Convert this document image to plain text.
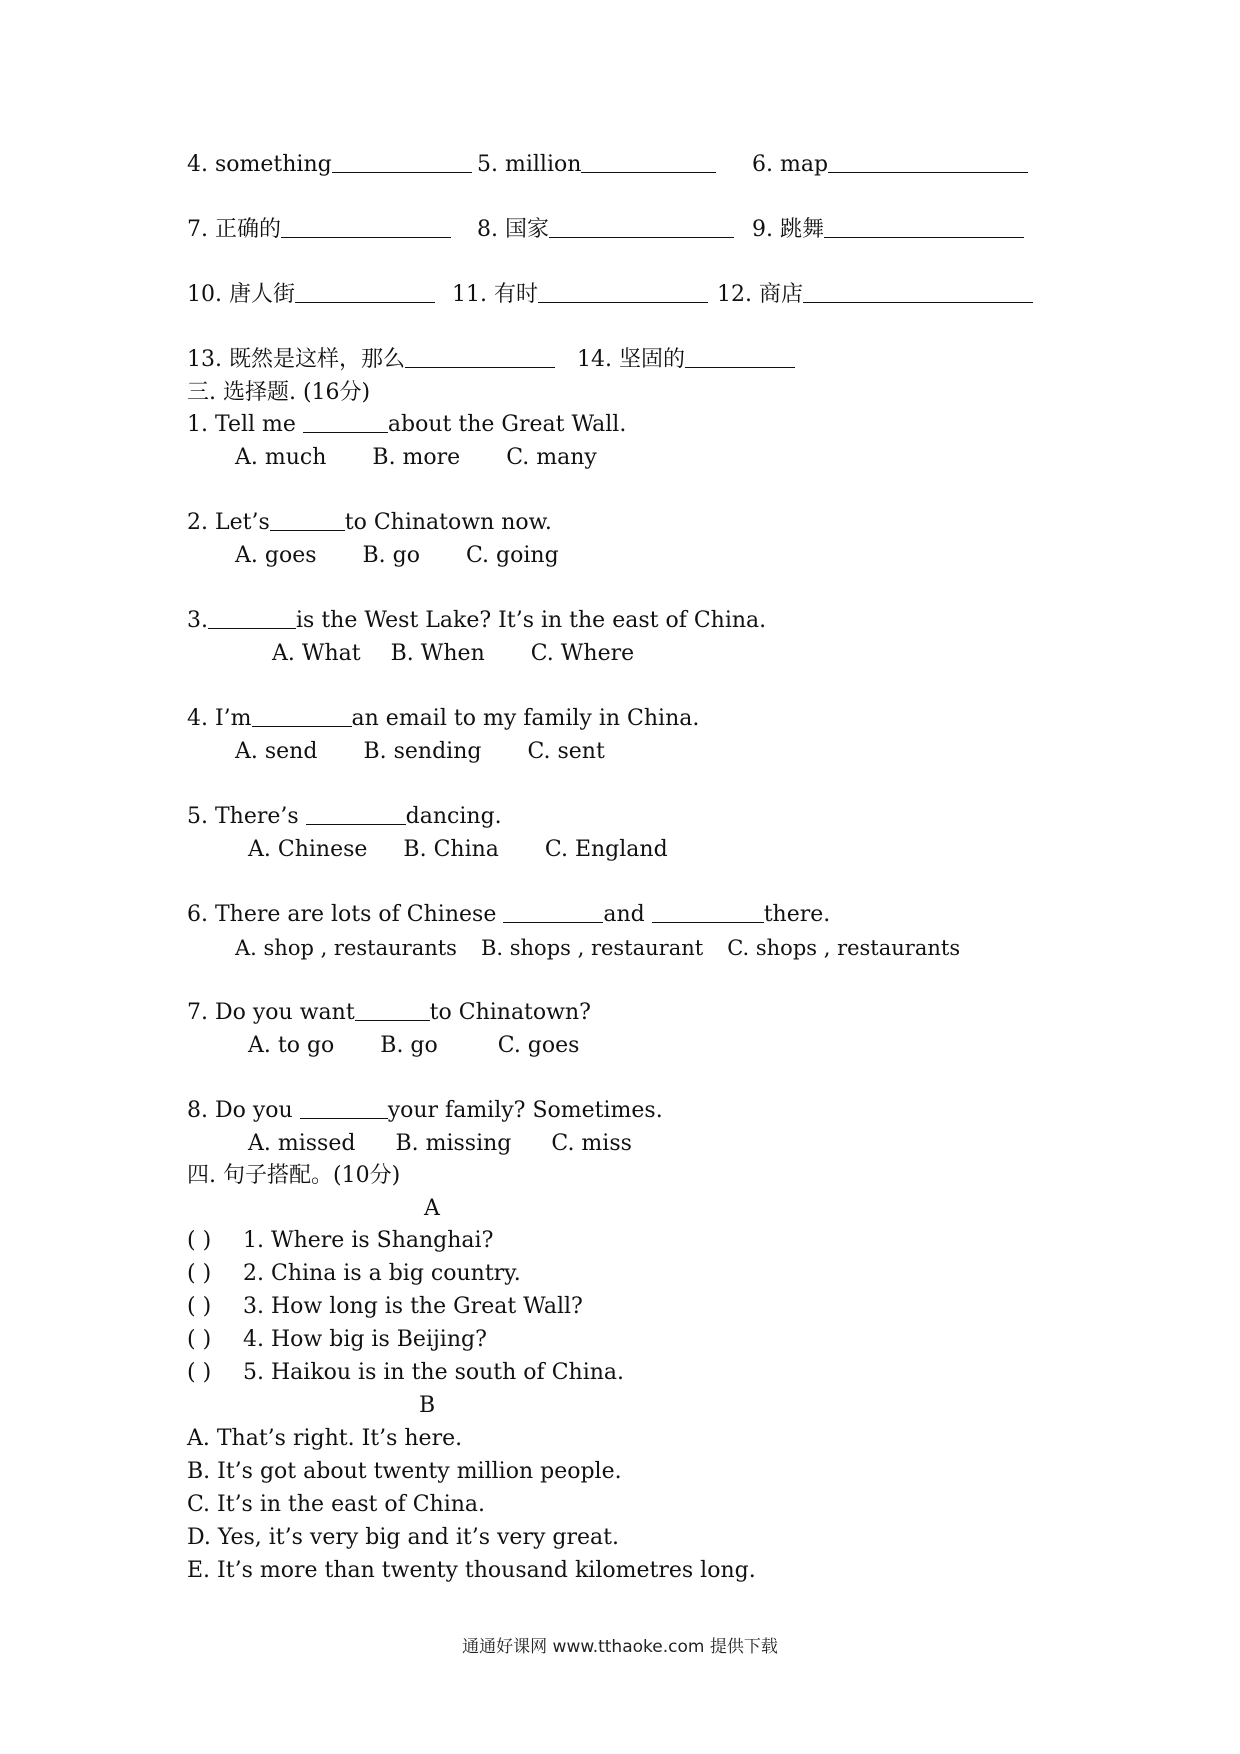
4. something	5. million	6. map
7. 正确的	8. 国家	9. 跳舞
10. 唐人街	11. 有时	12. 商店
13. 既然是这样，那么	14. 坚固的
三. 选择题. (16分)
1. Tell me	about the Great Wall.
A. much B. more C. many
2. Let’s	to Chinatown now.
A. goes B. go C. going
3.	is the West Lake? It’s in the east of China.
A. What B. When C. Where
4. I’m	an email to my family in China.
A. send B. sending C. sent
5. There’s	dancing.
A. Chinese B. China C. England
6. There are lots of Chinese	and	there.
A. shop , restaurants B. shops , restaurant C. shops , restaurants
7. Do you want	to Chinatown?
A. to go B. go	C. goes
8. Do you	your family? Sometimes.
A. missed B. missing C. miss
四. 句子搭配。(10分)
A
( ) 1. Where is Shanghai?
( ) 2. China is a big country.
( ) 3. How long is the Great Wall?
( ) 4. How big is Beijing?
( ) 5. Haikou is in the south of China.
B
A. That’s right. It’s here.
B. It’s got about twenty million people.
C. It’s in the east of China.
D. Yes, it’s very big and it’s very great.
E. It’s more than twenty thousand kilometres long.
通通好课网 www.tthaoke.com 提供下载
